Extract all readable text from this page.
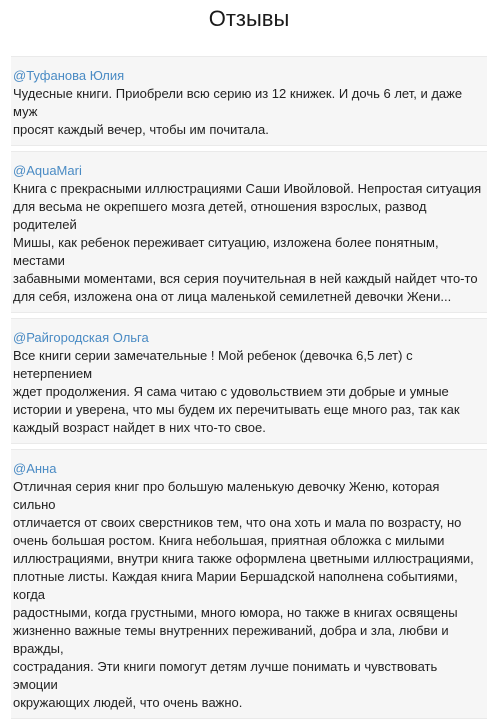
Отзывы
@Туфанова Юлия
Чудесные книги. Приобрели всю серию из 12 книжек. И дочь 6 лет, и даже муж
просят каждый вечер, чтобы им почитала.
@AquaMari
Книга с прекрасными иллюстрациями Саши Ивойловой. Непростая ситуация
для весьма не окрепшего мозга детей, отношения взрослых, развод родителей
Мишы, как ребенок переживает ситуацию, изложена более понятным, местами
забавными моментами, вся серия поучительная в ней каждый найдет что-то
для себя, изложена она от лица маленькой семилетней девочки Жени...
@Райгородская Ольга
Все книги серии замечательные ! Мой ребенок (девочка 6,5 лет) с нетерпением
ждет продолжения. Я сама читаю с удовольствием эти добрые и умные
истории и уверена, что мы будем их перечитывать еще много раз, так как
каждый возраст найдет в них что-то свое.
@Анна
Отличная серия книг про большую маленькую девочку Женю, которая сильно
отличается от своих сверстников тем, что она хоть и мала по возрасту, но
очень большая ростом. Книга небольшая, приятная обложка с милыми
иллюстрациями, внутри книга также оформлена цветными иллюстрациями,
плотные листы. Каждая книга Марии Бершадской наполнена событиями, когда
радостными, когда грустными, много юмора, но также в книгах освящены
жизненно важные темы внутренних переживаний, добра и зла, любви и вражды,
сострадания. Эти книги помогут детям лучше понимать и чувствовать эмоции
окружающих людей, что очень важно.
